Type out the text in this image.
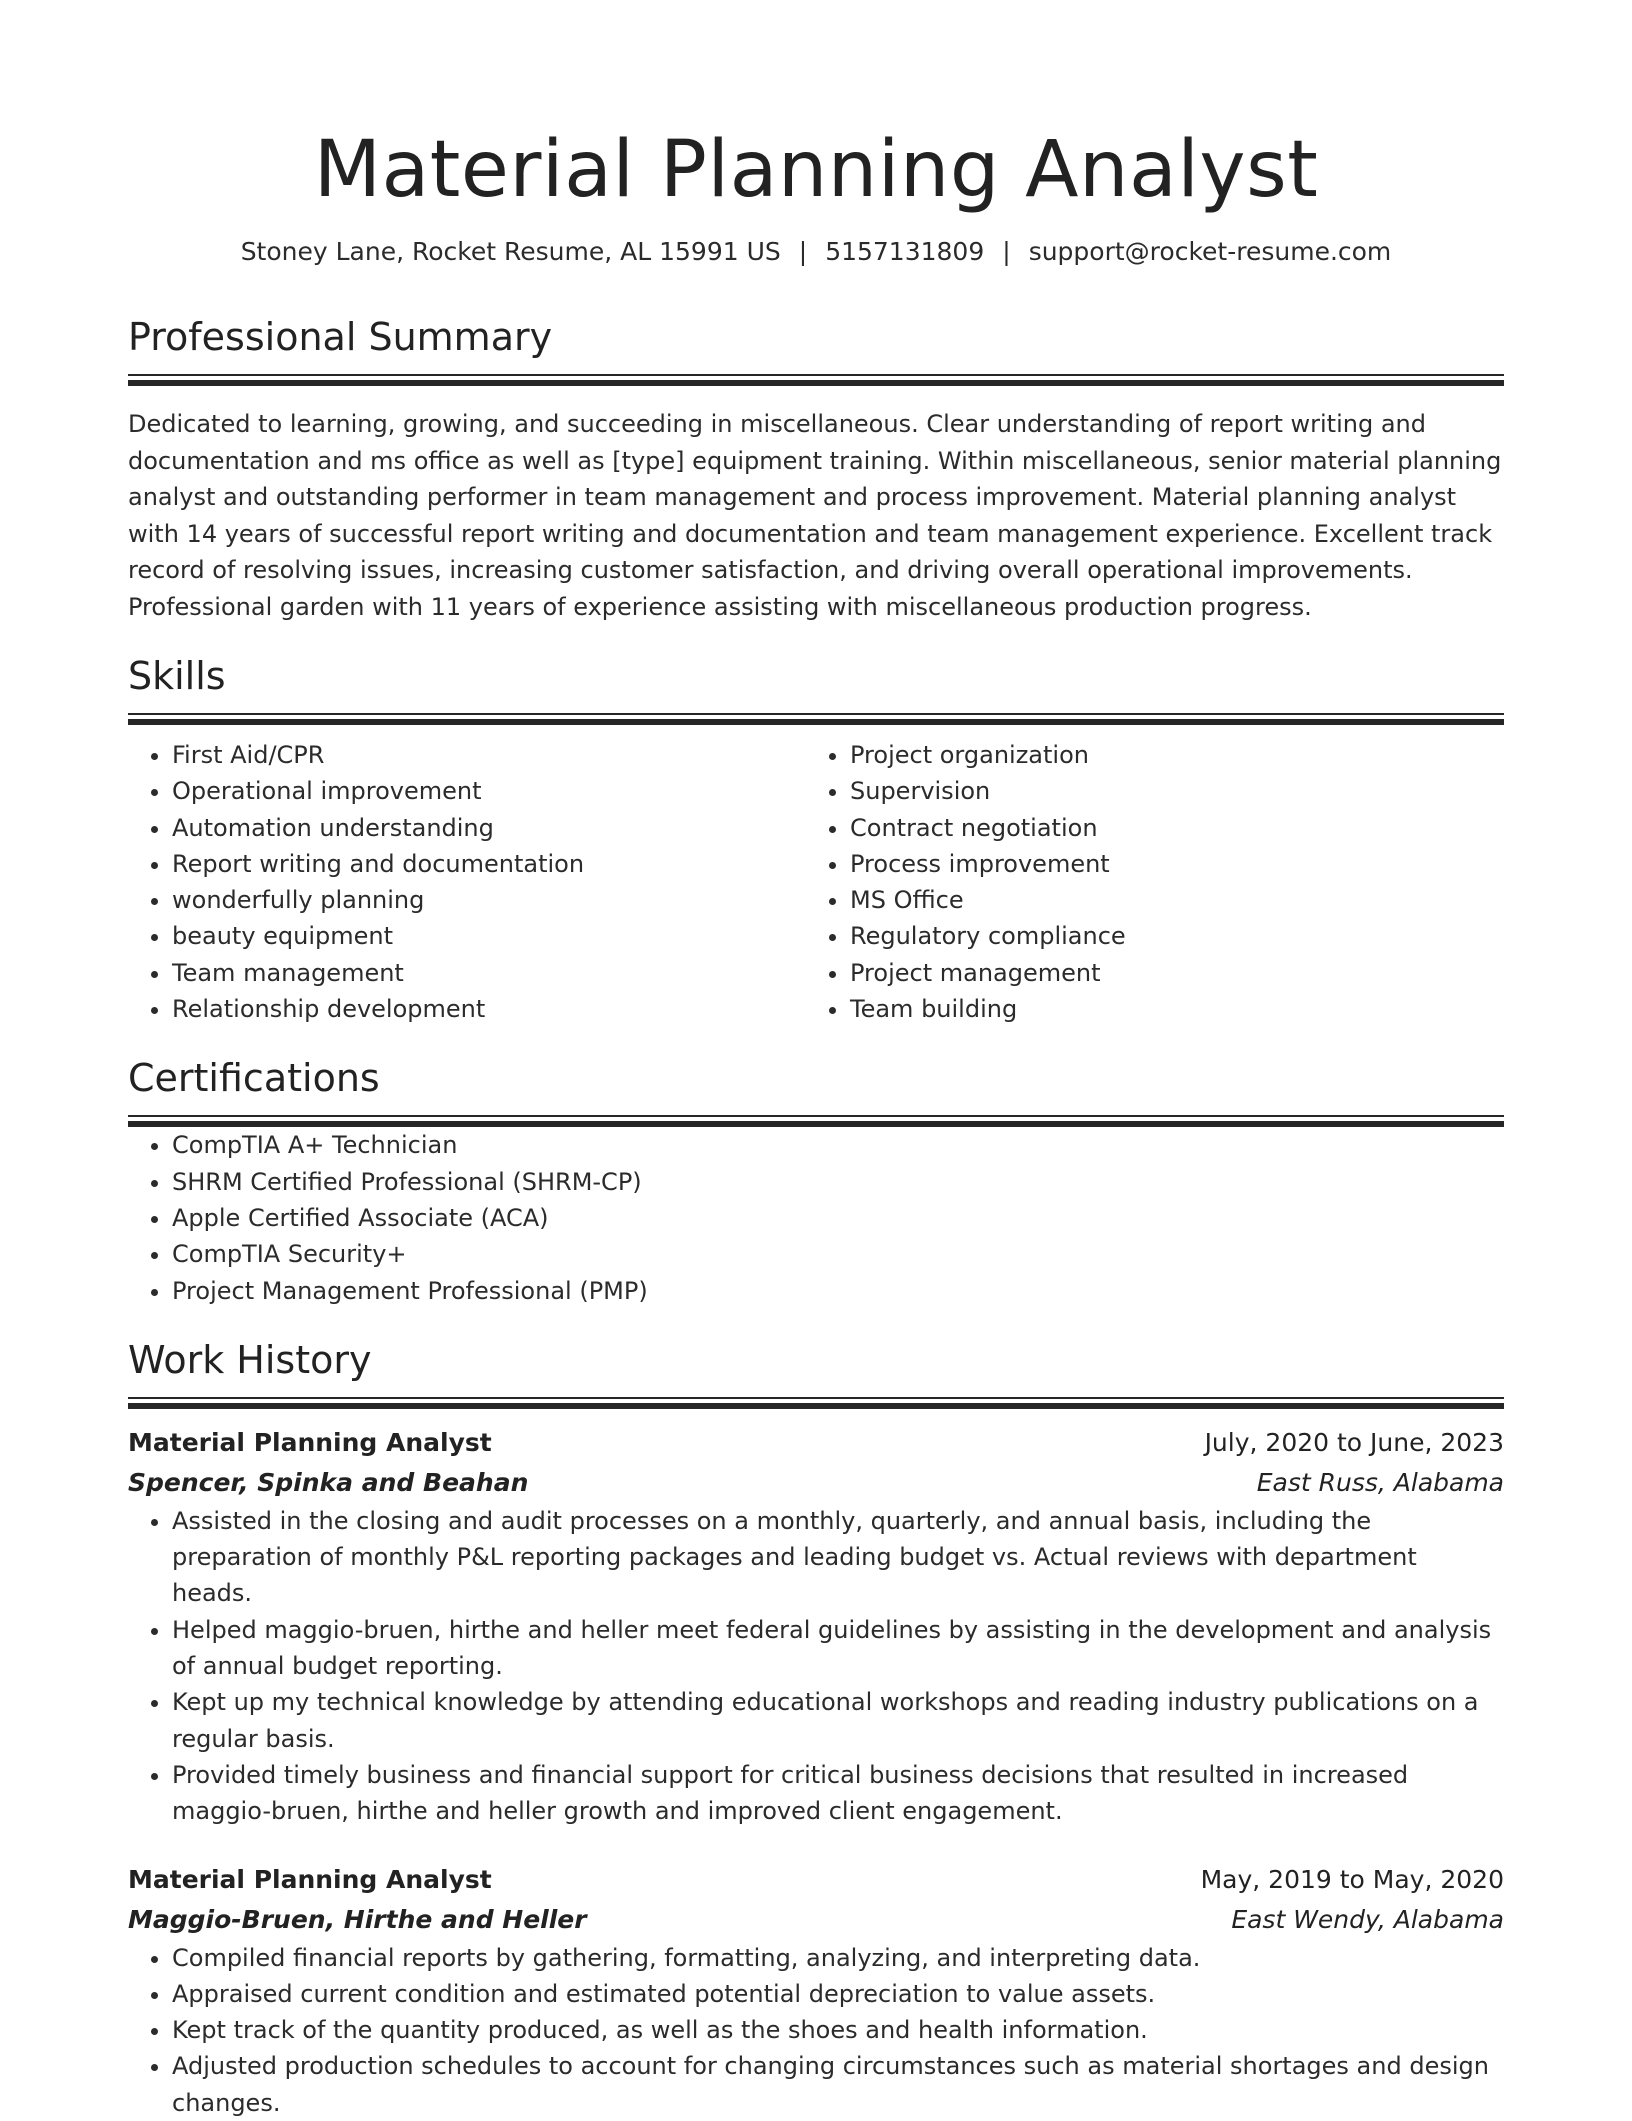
Material Planning Analyst
Stoney Lane, Rocket Resume, AL 15991 US | 5157131809 | support@rocket-resume.com
Professional Summary

Dedicated to learning, growing, and succeeding in miscellaneous. Clear understanding of report writing and documentation and ms office as well as [type] equipment training. Within miscellaneous, senior material planning analyst and outstanding performer in team management and process improvement. Material planning analyst with 14 years of successful report writing and documentation and team management experience. Excellent track record of resolving issues, increasing customer satisfaction, and driving overall operational improvements. Professional garden with 11 years of experience assisting with miscellaneous production progress.

Skills
• First Aid/CPR
• Operational improvement
• Automation understanding
• Report writing and documentation
• wonderfully planning
• beauty equipment
• Team management
• Relationship development
• Project organization
• Supervision
• Contract negotiation
• Process improvement
• MS Office
• Regulatory compliance
• Project management
• Team building
Certifications
• CompTIA A+ Technician
• SHRM Certified Professional (SHRM-CP)
• Apple Certified Associate (ACA)
• CompTIA Security+
• Project Management Professional (PMP)
Work History
Material Planning Analyst	July, 2020 to June, 2023
Spencer, Spinka and Beahan	East Russ, Alabama
• Assisted in the closing and audit processes on a monthly, quarterly, and annual basis, including the preparation of monthly P&L reporting packages and leading budget vs. Actual reviews with department heads.
• Helped maggio-bruen, hirthe and heller meet federal guidelines by assisting in the development and analysis of annual budget reporting.
• Kept up my technical knowledge by attending educational workshops and reading industry publications on a regular basis.
• Provided timely business and financial support for critical business decisions that resulted in increased maggio-bruen, hirthe and heller growth and improved client engagement.
Material Planning Analyst	May, 2019 to May, 2020
Maggio-Bruen, Hirthe and Heller	East Wendy, Alabama
• Compiled financial reports by gathering, formatting, analyzing, and interpreting data.
• Appraised current condition and estimated potential depreciation to value assets.
• Kept track of the quantity produced, as well as the shoes and health information.
• Adjusted production schedules to account for changing circumstances such as material shortages and design changes.
